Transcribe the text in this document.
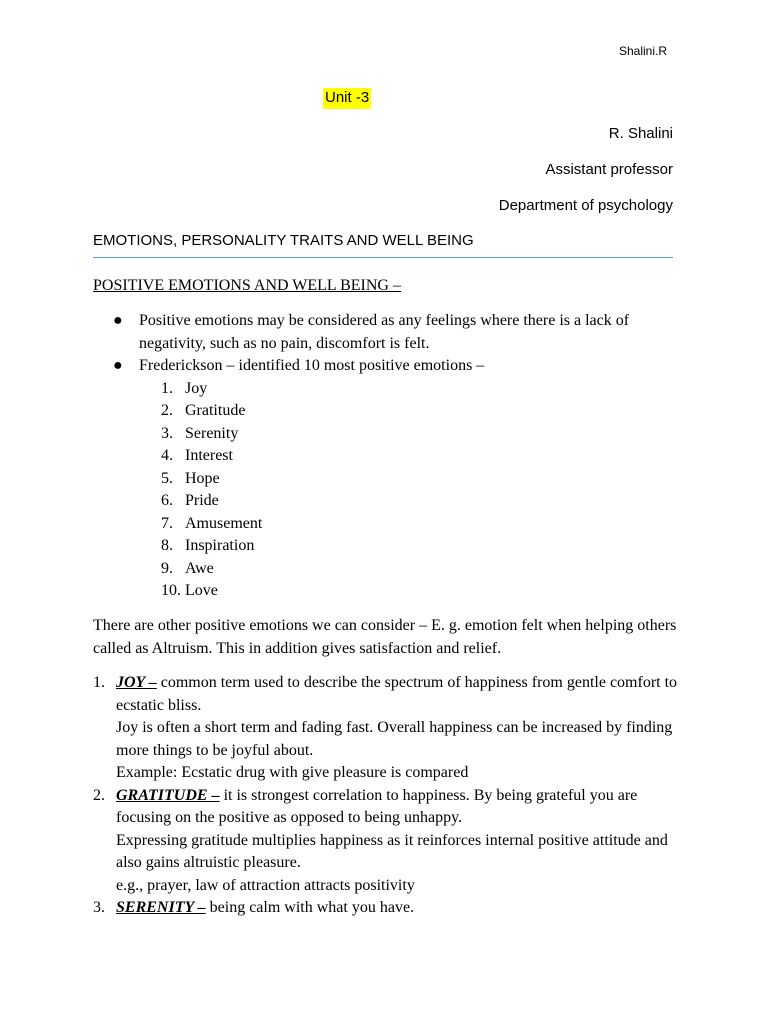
Shalini.R
Unit -3
R. Shalini
Assistant professor
Department of psychology
EMOTIONS, PERSONALITY TRAITS AND WELL BEING
POSITIVE EMOTIONS AND WELL BEING –
● Positive emotions may be considered as any feelings where there is a lack of negativity, such as no pain, discomfort is felt.
● Frederickson – identified 10 most positive emotions –
1. Joy
2. Gratitude
3. Serenity
4. Interest
5. Hope
6. Pride
7. Amusement
8. Inspiration
9. Awe
10. Love
There are other positive emotions we can consider – E. g. emotion felt when helping others called as Altruism. This in addition gives satisfaction and relief.
1. JOY – common term used to describe the spectrum of happiness from gentle comfort to ecstatic bliss.
Joy is often a short term and fading fast. Overall happiness can be increased by finding more things to be joyful about.
Example: Ecstatic drug with give pleasure is compared
2. GRATITUDE – it is strongest correlation to happiness. By being grateful you are focusing on the positive as opposed to being unhappy.
Expressing gratitude multiplies happiness as it reinforces internal positive attitude and also gains altruistic pleasure.
e.g., prayer, law of attraction attracts positivity
3. SERENITY – being calm with what you have.
